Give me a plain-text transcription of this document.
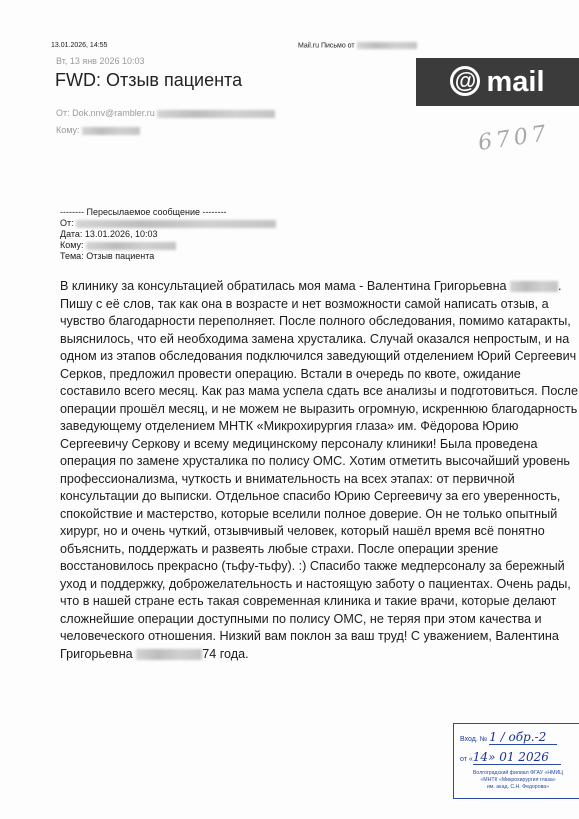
13.01.2026, 14:55	Mail.ru Письмо от
Вт, 13 янв 2026 10:03
FWD: Отзыв пациента	@ mail
От: Dok.nnv@rambler.ru
Кому:	6707
-------- Пересылаемое сообщение --------
От:
Дата: 13.01.2026, 10:03
Кому:
Тема: Отзыв пациента

В клинику за консультацией обратилась моя мама - Валентина Григорьевна	. Пишу с её слов, так как она в возрасте и нет возможности самой написать отзыв, а чувство благодарности переполняет. После полного обследования, помимо катаракты, выяснилось, что ей необходима замена хрусталика. Случай оказался непростым, и на одном из этапов обследования подключился заведующий отделением Юрий Сергеевич Серков, предложил провести операцию. Встали в очередь по квоте, ожидание составило всего месяц. Как раз мама успела сдать все анализы и подготовиться. После операции прошёл месяц, и не можем не выразить огромную, искреннюю благодарность заведующему отделением МНТК «Микрохирургия глаза» им. Фёдорова Юрию Сергеевичу Серкову и всему медицинскому персоналу клиники! Была проведена операция по замене хрусталика по полису ОМС. Хотим отметить высочайший уровень профессионализма, чуткость и внимательность на всех этапах: от первичной консультации до выписки. Отдельное спасибо Юрию Сергеевичу за его уверенность, спокойствие и мастерство, которые вселили полное доверие. Он не только опытный хирург, но и очень чуткий, отзывчивый человек, который нашёл время всё понятно объяснить, поддержать и развеять любые страхи. После операции зрение восстановилось прекрасно (тьфу-тьфу). :) Спасибо также медперсоналу за бережный уход и поддержку, доброжелательность и настоящую заботу о пациентах. Очень рады, что в нашей стране есть такая современная клиника и такие врачи, которые делают сложнейшие операции доступными по полису ОМС, не теряя при этом качества и человеческого отношения. Низкий вам поклон за ваш труд! С уважением, Валентина Григорьевна	74 года.

Вход. № 1 / обр.-2
от «14» 01 2026
Волгоградский филиал ФГАУ «НМИЦ
«МНТК «Микрохирургия глаза»
им. акад. С.Н. Федорова»
